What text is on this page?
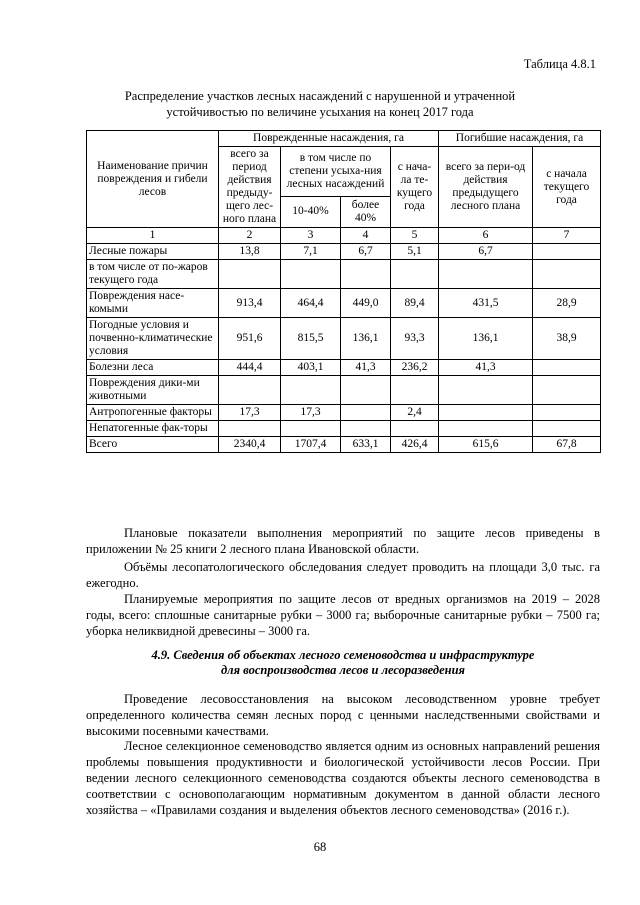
Таблица 4.8.1
Распределение участков лесных насаждений с нарушенной и утраченной устойчивостью по величине усыхания на конец 2017 года
Наименование причин повреждения и гибели лесов	Поврежденные насаждения, га				Погибшие насаждения, га	
	всего за период действия предыду-щего лес-ного плана	в том числе по степени усыха-ния лесных насаждений		с нача-ла те-кущего года	всего за пери-од действия предыдущего лесного плана	с начала текущего года

		10-40%	более 40%			
1	2	3	4	5	6	7
Лесные пожары	13,8	7,1	6,7	5,1	6,7	
в том числе от по-жаров текущего года						
Повреждения насе-комыми	913,4	464,4	449,0	89,4	431,5	28,9
Погодные условия и почвенно-климатические условия	951,6	815,5	136,1	93,3	136,1	38,9
Болезни леса	444,4	403,1	41,3	236,2	41,3	
Повреждения дики-ми животными						
Антропогенные факторы	17,3	17,3		2,4		
Непатогенные фак-торы						
Всего	2340,4	1707,4	633,1	426,4	615,6	67,8
Плановые показатели выполнения мероприятий по защите лесов приведены в приложении № 25 книги 2 лесного плана Ивановской области.
Объёмы лесопатологического обследования следует проводить на площади 3,0 тыс. га ежегодно.
Планируемые мероприятия по защите лесов от вредных организмов на 2019 – 2028 годы, всего: сплошные санитарные рубки – 3000 га; выборочные санитарные рубки – 7500 га; уборка неликвидной древесины – 3000 га.
4.9. Сведения об объектах лесного семеноводства и инфраструктуре
для воспроизводства лесов и лесоразведения
Проведение лесовосстановления на высоком лесоводственном уровне требует определенного количества семян лесных пород с ценными наследственными свойствами и высокими посевными качествами.
Лесное селекционное семеноводство является одним из основных направлений решения проблемы повышения продуктивности и биологической устойчивости лесов России. При ведении лесного селекционного семеноводства создаются объекты лесного семеноводства в соответствии с основополагающим нормативным документом в данной области лесного хозяйства – «Правилами создания и выделения объектов лесного семеноводства» (2016 г.).
68
